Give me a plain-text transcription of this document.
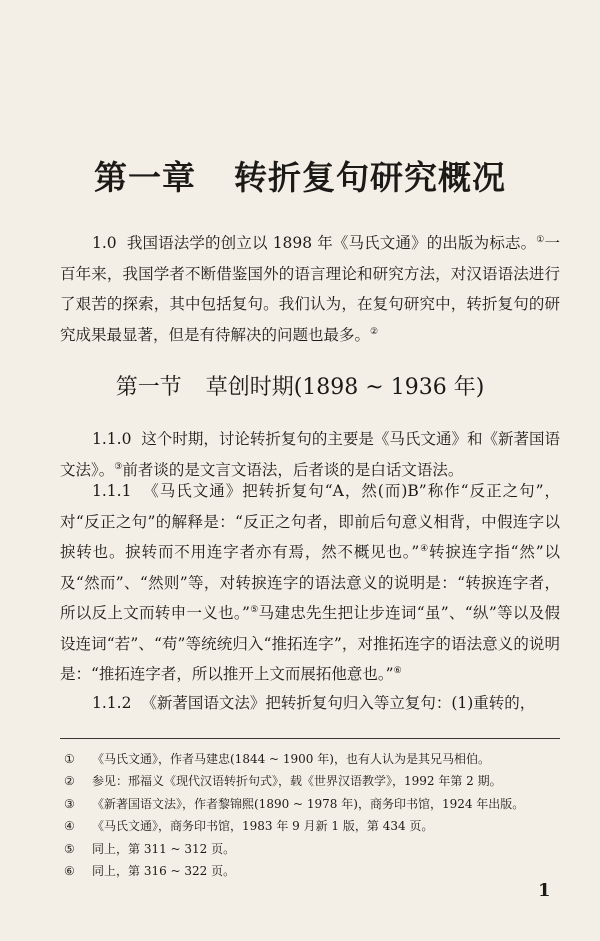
第一章 转折复句研究概况
1.0 我国语法学的创立以 1898 年《马氏文通》的出版为标志。①一百年来，我国学者不断借鉴国外的语言理论和研究方法，对汉语语法进行了艰苦的探索，其中包括复句。我们认为，在复句研究中，转折复句的研究成果最显著，但是有待解决的问题也最多。②
第一节 草创时期(1898 ~ 1936 年)
1.1.0 这个时期，讨论转折复句的主要是《马氏文通》和《新著国语文法》。③前者谈的是文言文语法，后者谈的是白话文语法。
1.1.1 《马氏文通》把转折复句“A，然(而)B”称作“反正之句”，对“反正之句”的解释是：“反正之句者，即前后句意义相背，中假连字以捩转也。捩转而不用连字者亦有焉，然不概见也。”④转捩连字指“然”以及“然而”、“然则”等，对转捩连字的语法意义的说明是：“转捩连字者，所以反上文而转申一义也。”⑤马建忠先生把让步连词“虽”、“纵”等以及假设连词“若”、“苟”等统统归入“推拓连字”，对推拓连字的语法意义的说明是：“推拓连字者，所以推开上文而展拓他意也。”⑥
1.1.2 《新著国语文法》把转折复句归入等立复句：(1)重转的，
①	《马氏文通》，作者马建忠(1844 ~ 1900 年)，也有人认为是其兄马相伯。
②	参见：邢福义《现代汉语转折句式》，载《世界汉语教学》，1992 年第 2 期。
③	《新著国语文法》，作者黎锦熙(1890 ~ 1978 年)，商务印书馆，1924 年出版。
④	《马氏文通》，商务印书馆，1983 年 9 月新 1 版，第 434 页。
⑤	同上，第 311 ~ 312 页。
⑥	同上，第 316 ~ 322 页。
1
